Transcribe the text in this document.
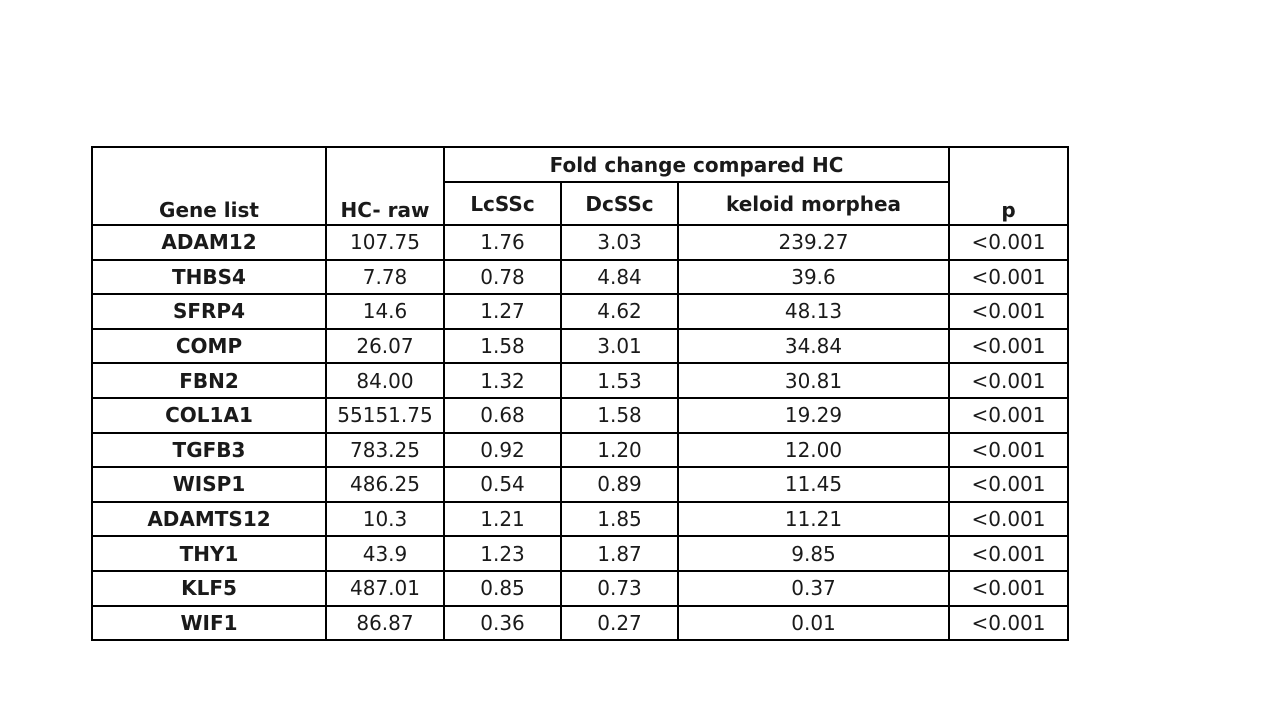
Gene list	HC- raw	Fold change compared HC			p
		LcSSc	DcSSc	keloid morphea	
ADAM12	107.75	1.76	3.03	239.27	<0.001
THBS4	7.78	0.78	4.84	39.6	<0.001
SFRP4	14.6	1.27	4.62	48.13	<0.001
COMP	26.07	1.58	3.01	34.84	<0.001
FBN2	84.00	1.32	1.53	30.81	<0.001
COL1A1	55151.75	0.68	1.58	19.29	<0.001
TGFB3	783.25	0.92	1.20	12.00	<0.001
WISP1	486.25	0.54	0.89	11.45	<0.001
ADAMTS12	10.3	1.21	1.85	11.21	<0.001
THY1	43.9	1.23	1.87	9.85	<0.001
KLF5	487.01	0.85	0.73	0.37	<0.001
WIF1	86.87	0.36	0.27	0.01	<0.001
